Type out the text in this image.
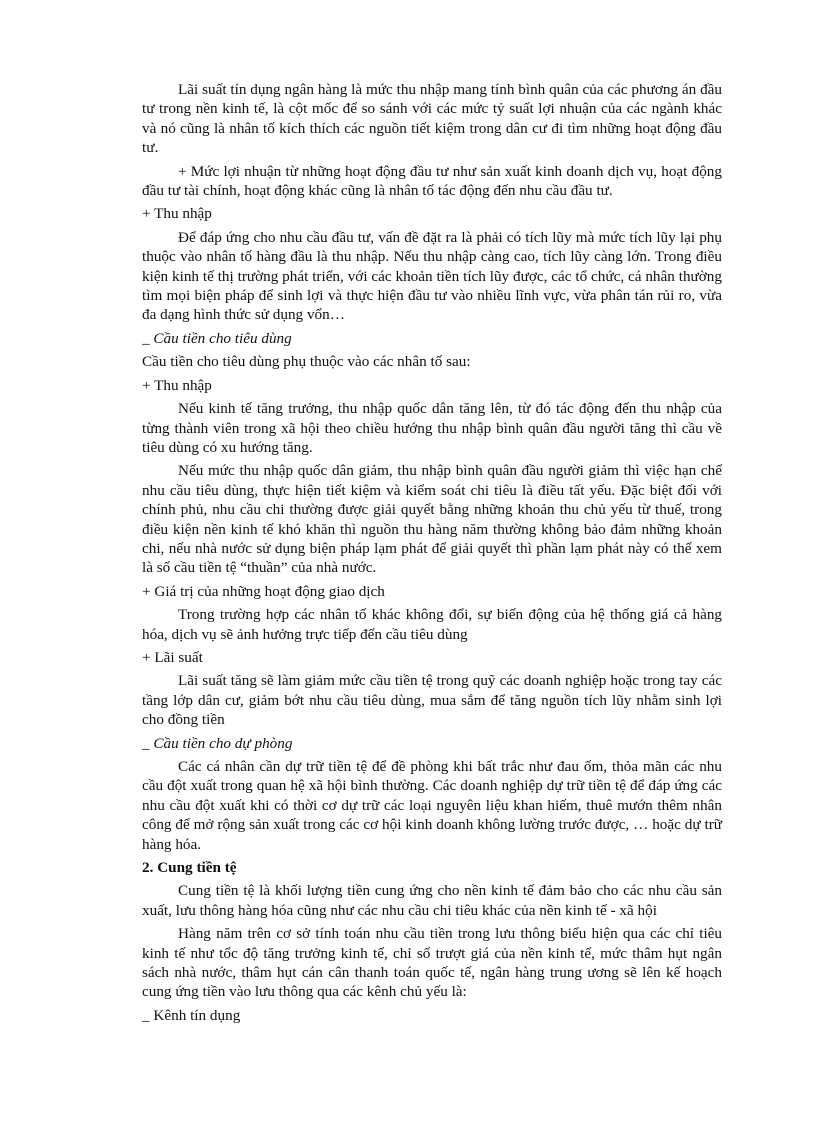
Lãi suất tín dụng ngân hàng là mức thu nhập mang tính bình quân của các phương án đầu tư trong nền kinh tế, là cột mốc để so sánh với các mức tỷ suất lợi nhuận của các ngành khác và nó cũng là nhân tố kích thích các nguồn tiết kiệm trong dân cư đi tìm những hoạt động đầu tư.

+ Mức lợi nhuận từ những hoạt động đầu tư như sản xuất kinh doanh dịch vụ, hoạt động đầu tư tài chính, hoạt động khác cũng là nhân tố tác động đến nhu cầu đầu tư.

+ Thu nhập

Để đáp ứng cho nhu cầu đầu tư, vấn đề đặt ra là phải có tích lũy mà mức tích lũy lại phụ thuộc vào nhân tố hàng đầu là thu nhập. Nếu thu nhập càng cao, tích lũy càng lớn. Trong điều kiện kinh tế thị trường phát triển, với các khoản tiền tích lũy được, các tổ chức, cá nhân thường tìm mọi biện pháp để sinh lợi và thực hiện đầu tư vào nhiều lĩnh vực, vừa phân tán rủi ro, vừa đa dạng hình thức sử dụng vốn…

_ Cầu tiền cho tiêu dùng

Cầu tiền cho tiêu dùng phụ thuộc vào các nhân tố sau:

+ Thu nhập

Nếu kinh tế tăng trưởng, thu nhập quốc dân tăng lên, từ đó tác động đến thu nhập của từng thành viên trong xã hội theo chiều hướng thu nhập bình quân đầu người tăng thì cầu về tiêu dùng có xu hướng tăng.

Nếu mức thu nhập quốc dân giảm, thu nhập bình quân đầu người giảm thì việc hạn chế nhu cầu tiêu dùng, thực hiện tiết kiệm và kiểm soát chi tiêu là điều tất yếu. Đặc biệt đối với chính phủ, nhu cầu chi thường được giải quyết bằng những khoản thu chủ yếu từ thuế, trong điều kiện nền kinh tế khó khăn thì nguồn thu hàng năm thường không bảo đảm những khoản chi, nếu nhà nước sử dụng biện pháp lạm phát để giải quyết thì phần lạm phát này có thể xem là số cầu tiền tệ “thuần” của nhà nước.

+ Giá trị của những hoạt động giao dịch

Trong trường hợp các nhân tố khác không đổi, sự biến động của hệ thống giá cả hàng hóa, dịch vụ sẽ ảnh hưởng trực tiếp đến cầu tiêu dùng

+ Lãi suất

Lãi suất tăng sẽ làm giảm mức cầu tiền tệ trong quỹ các doanh nghiệp hoặc trong tay các tầng lớp dân cư, giảm bớt nhu cầu tiêu dùng, mua sắm để tăng nguồn tích lũy nhằm sinh lợi cho đồng tiền

_ Cầu tiền cho dự phòng

Các cá nhân cần dự trữ tiền tệ để đề phòng khi bất trắc như đau ốm, thỏa mãn các nhu cầu đột xuất trong quan hệ xã hội bình thường. Các doanh nghiệp dự trữ tiền tệ để đáp ứng các nhu cầu đột xuất khi có thời cơ dự trữ các loại nguyên liệu khan hiếm, thuê mướn thêm nhân công để mở rộng sản xuất trong các cơ hội kinh doanh không lường trước được, … hoặc dự trữ hàng hóa.

2. Cung tiền tệ

Cung tiền tệ là khối lượng tiền cung ứng cho nền kinh tế đảm bảo cho các nhu cầu sản xuất, lưu thông hàng hóa cũng như các nhu cầu chi tiêu khác của nền kinh tế - xã hội

Hàng năm trên cơ sở tính toán nhu cầu tiền trong lưu thông biểu hiện qua các chỉ tiêu kinh tế như tốc độ tăng trưởng kinh tế, chỉ số trượt giá của nền kinh tế, mức thâm hụt ngân sách nhà nước, thâm hụt cán cân thanh toán quốc tế, ngân hàng trung ương sẽ lên kế hoạch cung ứng tiền vào lưu thông qua các kênh chủ yếu là:

_ Kênh tín dụng
